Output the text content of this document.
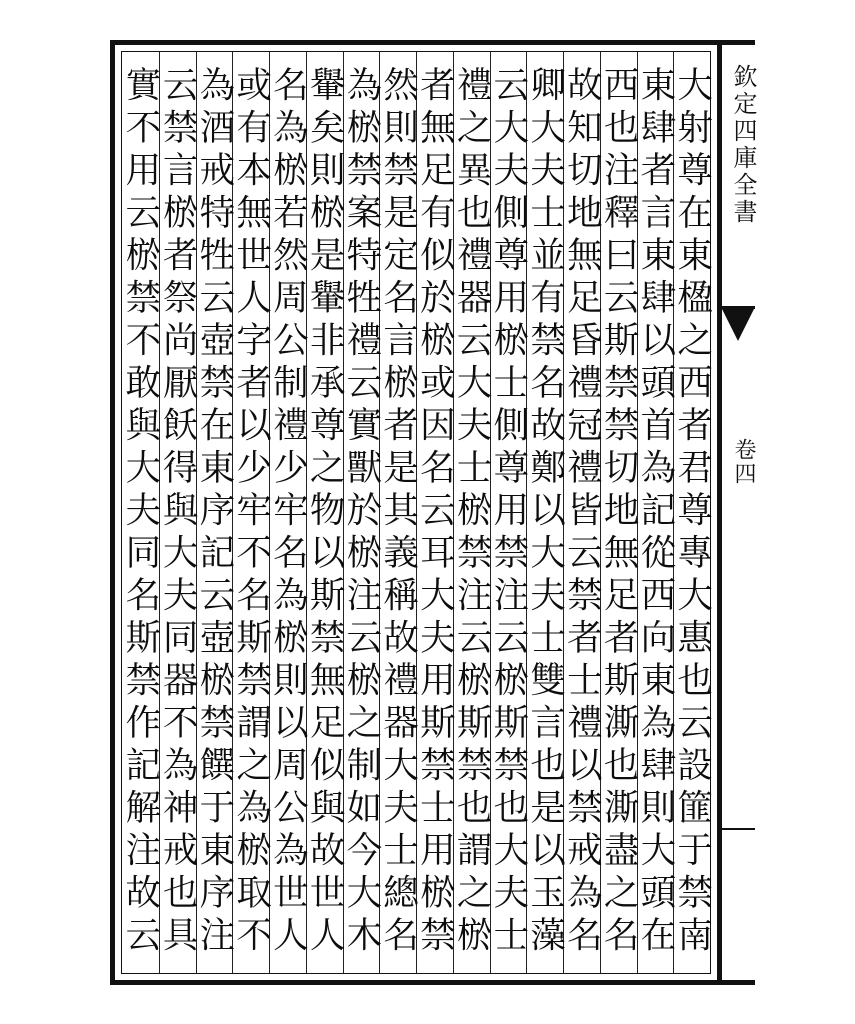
大射尊在東楹之西者君尊專大惠也云設篚于禁南
東肆者言東肆以頭首為記從西向東為肆則大頭在
西也注釋曰云斯禁禁切地無足者斯澌也澌盡之名
故知切地無足昏禮冠禮皆云禁者士禮以禁戒為名
卿大夫士並有禁名故鄭以大夫士雙言也是以玉藻
云大夫側尊用棜士側尊用禁注云棜斯禁也大夫士
禮之異也禮器云大夫士棜禁注云棜斯禁也謂之棜
者無足有似於棜或因名云耳大夫用斯禁士用棜禁
然則禁是定名言棜者是其義稱故禮器大夫士總名
為棜禁案特牲禮云實獸於棜注云棜之制如今大木
轝矣則棜是轝非承尊之物以斯禁無足似與故世人
名為棜若然周公制禮少牢名為棜則以周公為世人
或有本無世人字者以少牢不名斯禁謂之為棜取不
為酒戒特牲云壺禁在東序記云壺棜禁饌于東序注
云禁言棜者祭尚厭飫得與大夫同器不為神戒也具
實不用云棜禁不敢與大夫同名斯禁作記解注故云	欽定四庫全書
卷四
